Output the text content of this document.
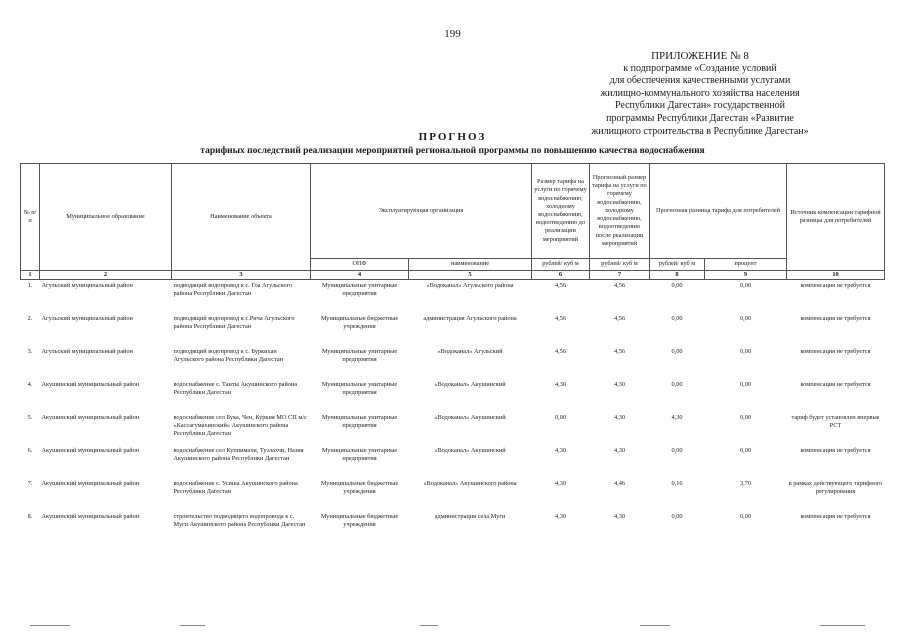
199
ПРИЛОЖЕНИЕ № 8
к подпрограмме «Создание условий
для обеспечения качественными услугами
жилищно-коммунального хозяйства населения
Республики Дагестан» государственной
программы Республики Дагестан «Развитие
жилищного строительства в Республике Дагестан»
ПРОГНОЗ
тарифных последствий реализации мероприятий региональной программы по повышению качества водоснабжения
№ п/п	Муниципальное образование	Наименование объекта	Эксплуатирующая организация		Размер тарифа на услуги по горячему водоснабжению, холодному водоснабжению, водоотведению до реализации мероприятий	Прогнозный размер тарифа на услуги по горячему водоснабжению, холодному водоснабжению, водоотведению после реализации мероприятий	Прогнозная разница тарифа для потребителей		Источник компенсации тарифной разницы для потребителей
			ОПФ	наименование	рублей/ куб м	рублей/ куб м	рублей/ куб м	процент	
1	2	3	4	5	6	7	8	9	10
1.	Агульский муниципальный район	подводящий водопровод к с. Гоа Агульского района Республики Дагестан	Муниципальные унитарные предприятия	«Водоканал» Агульского района	4,56	4,56	0,00	0,00	компенсация не требуется
2.	Агульский муниципальный район	подводящий водопровод к с.Рича Агульского района Республики Дагестан	Муниципальные бюджетные учреждения	администрация Агульского района	4,56	4,56	0,00	0,00	компенсация не требуется
3.	Агульский муниципальный район	подводящий водопровод к с. Буркихан Агульского района Республики Дагестан	Муниципальные унитарные предприятия	«Водоканал» Агульский	4,56	4,56	0,00	0,00	компенсация не требуется
4.	Акушинский муниципальный район	водоснабжение с. Танты Акушинского района Республики Дагестан	Муниципальные унитарные предприятия	«Водоканал» Акушинский	4,30	4,30	0,00	0,00	компенсация не требуется
5.	Акушинский муниципальный район	водоснабжение сел Бука, Чен, Куркия МО СП м/с «Кассагумахинский» Акушинского района Республики Дагестан	Муниципальные унитарные предприятия	«Водоканал» Акушинский	0,00	4,30	4,30	0,00	тариф будет установлен впервые РСТ
6.	Акушинский муниципальный район	водоснабжение сел Куппимахи, Тузлахчи, Назия Акушинского района Республики Дагестан	Муниципальные унитарные предприятия	«Водоканал» Акушинский	4,30	4,30	0,00	0,00	компенсация не требуется
7.	Акушинский муниципальный район	водоснабжение с. Усиша Акушинского района Республики Дагестан	Муниципальные бюджетные учреждения	«Водоканал» Акушинского района	4,30	4,46	0,16	3,70	в рамках действующего тарифного регулирования
8.	Акушинский муниципальный район	строительство подводящего водопровода к с. Муги Акушинского района Республики Дагестан	Муниципальные бюджетные учреждения	администрация села Муги	4,30	4,30	0,00	0,00	компенсация не требуется
